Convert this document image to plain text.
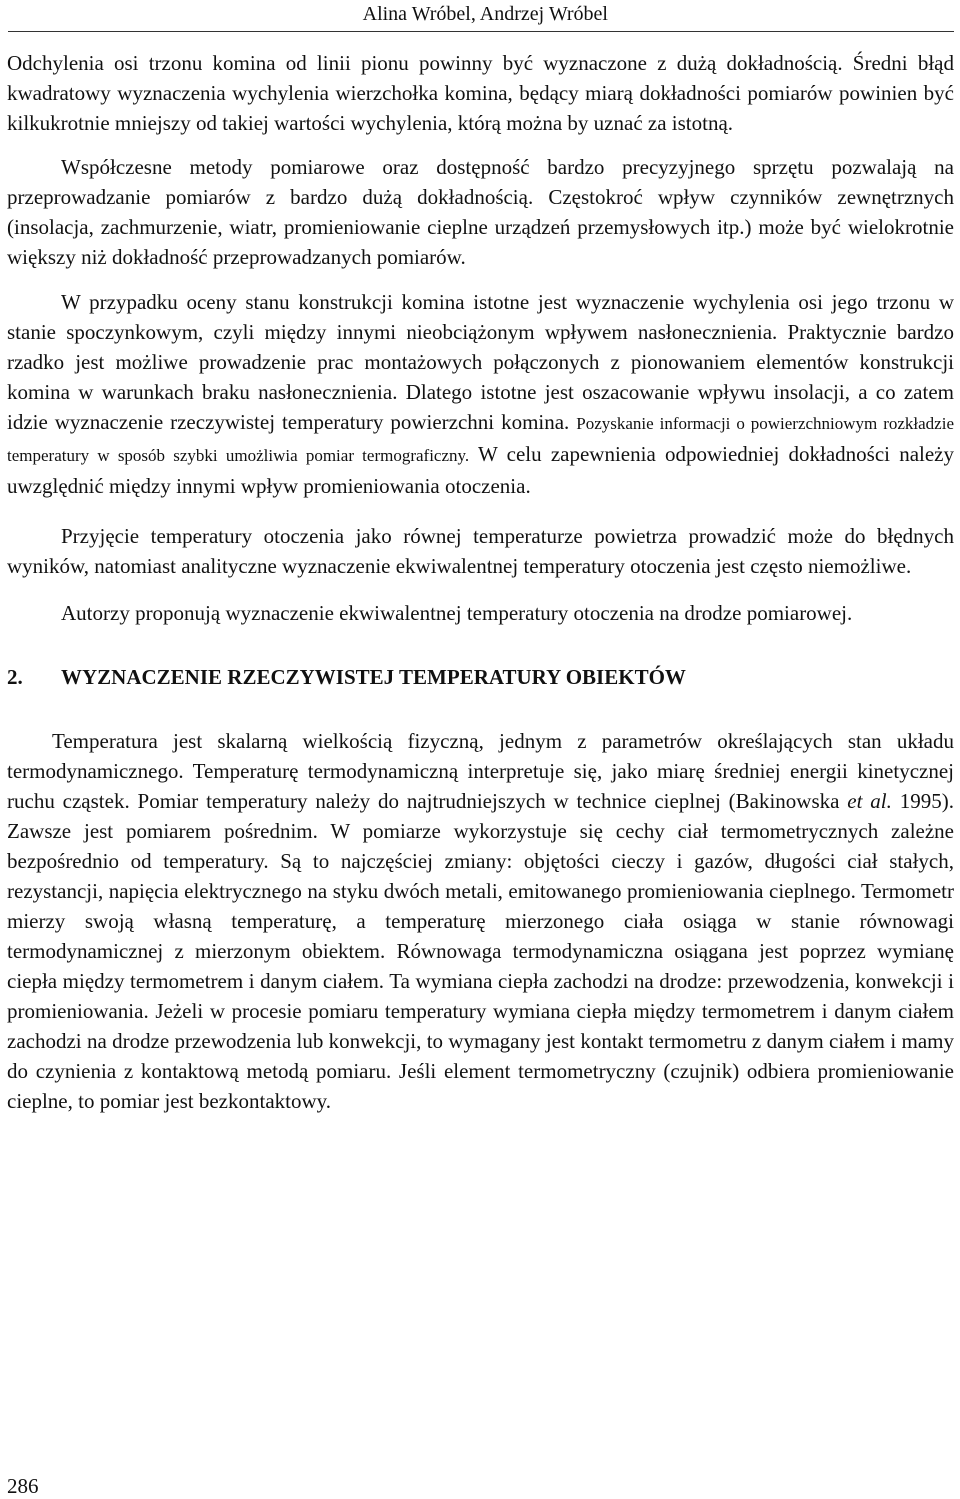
Alina Wróbel, Andrzej Wróbel

Odchylenia osi trzonu komina od linii pionu powinny być wyznaczone z dużą dokładnością. Średni błąd kwadratowy wyznaczenia wychylenia wierzchołka komina, będący miarą dokładności pomiarów powinien być kilkukrotnie mniejszy od takiej wartości wychylenia, którą można by uznać za istotną.

Współczesne metody pomiarowe oraz dostępność bardzo precyzyjnego sprzętu pozwalają na przeprowadzanie pomiarów z bardzo dużą dokładnością. Częstokroć wpływ czynników zewnętrznych (insolacja, zachmurzenie, wiatr, promieniowanie cieplne urządzeń przemysłowych itp.) może być wielokrotnie większy niż dokładność przeprowadzanych pomiarów.

W przypadku oceny stanu konstrukcji komina istotne jest wyznaczenie wychylenia osi jego trzonu w stanie spoczynkowym, czyli między innymi nieobciążonym wpływem nasłonecznienia. Praktycznie bardzo rzadko jest możliwe prowadzenie prac montażowych połączonych z pionowaniem elementów konstrukcji komina w warunkach braku nasłonecznienia. Dlatego istotne jest oszacowanie wpływu insolacji, a co zatem idzie wyznaczenie rzeczywistej temperatury powierzchni komina. Pozyskanie informacji o powierzchniowym rozkładzie temperatury w sposób szybki umożliwia pomiar termograficzny. W celu zapewnienia odpowiedniej dokładności należy uwzględnić między innymi wpływ promieniowania otoczenia.

Przyjęcie temperatury otoczenia jako równej temperaturze powietrza prowadzić może do błędnych wyników, natomiast analityczne wyznaczenie ekwiwalentnej temperatury otoczenia jest często niemożliwe.

Autorzy proponują wyznaczenie ekwiwalentnej temperatury otoczenia na drodze pomiarowej.

2. WYZNACZENIE RZECZYWISTEJ TEMPERATURY OBIEKTÓW

Temperatura jest skalarną wielkością fizyczną, jednym z parametrów określających stan układu termodynamicznego. Temperaturę termodynamiczną interpretuje się, jako miarę średniej energii kinetycznej ruchu cząstek. Pomiar temperatury należy do najtrudniejszych w technice cieplnej (Bakinowska et al. 1995). Zawsze jest pomiarem pośrednim. W pomiarze wykorzystuje się cechy ciał termometrycznych zależne bezpośrednio od temperatury. Są to najczęściej zmiany: objętości cieczy i gazów, długości ciał stałych, rezystancji, napięcia elektrycznego na styku dwóch metali, emitowanego promieniowania cieplnego. Termometr mierzy swoją własną temperaturę, a temperaturę mierzonego ciała osiąga w stanie równowagi termodynamicznej z mierzonym obiektem. Równowaga termodynamiczna osiągana jest poprzez wymianę ciepła między termometrem i danym ciałem. Ta wymiana ciepła zachodzi na drodze: przewodzenia, konwekcji i promieniowania. Jeżeli w procesie pomiaru temperatury wymiana ciepła między termometrem i danym ciałem zachodzi na drodze przewodzenia lub konwekcji, to wymagany jest kontakt termometru z danym ciałem i mamy do czynienia z kontaktową metodą pomiaru. Jeśli element termometryczny (czujnik) odbiera promieniowanie cieplne, to pomiar jest bezkontaktowy.

286
